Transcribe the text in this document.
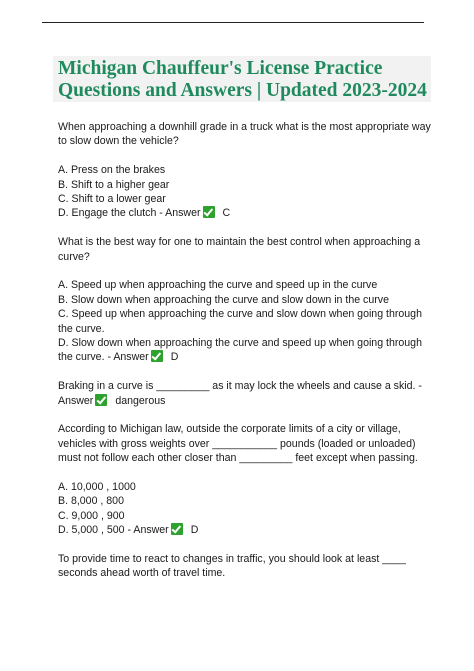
Michigan Chauffeur's License Practice Questions and Answers | Updated 2023-2024

When approaching a downhill grade in a truck what is the most appropriate way to slow down the vehicle?

A. Press on the brakes

B. Shift to a higher gear

C. Shift to a lower gear

D. Engage the clutch - Answer C

What is the best way for one to maintain the best control when approaching a curve?

A. Speed up when approaching the curve and speed up in the curve

B. Slow down when approaching the curve and slow down in the curve

C. Speed up when approaching the curve and slow down when going through the curve.

D. Slow down when approaching the curve and speed up when going through the curve. - Answer D

Braking in a curve is _________ as it may lock the wheels and cause a skid. - Answer dangerous

According to Michigan law, outside the corporate limits of a city or village, vehicles with gross weights over ___________ pounds (loaded or unloaded) must not follow each other closer than _________ feet except when passing.

A. 10,000 , 1000

B. 8,000 , 800

C. 9,000 , 900

D. 5,000 , 500 - Answer D

To provide time to react to changes in traffic, you should look at least ____ seconds ahead worth of travel time.
